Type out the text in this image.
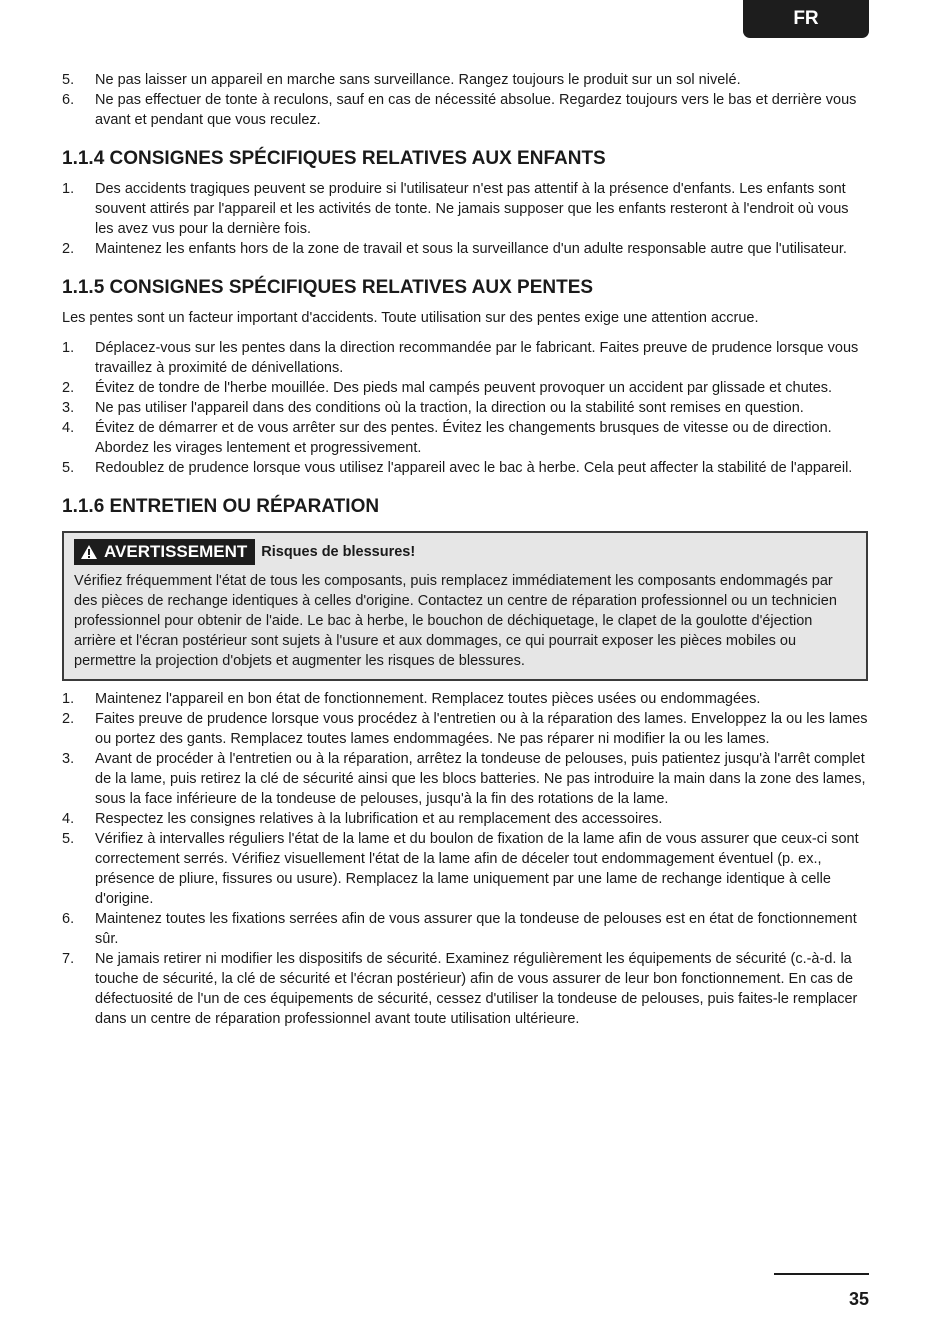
FR
5. Ne pas laisser un appareil en marche sans surveillance. Rangez toujours le produit sur un sol nivelé.
6. Ne pas effectuer de tonte à reculons, sauf en cas de nécessité absolue. Regardez toujours vers le bas et derrière vous avant et pendant que vous reculez.
1.1.4 CONSIGNES SPÉCIFIQUES RELATIVES AUX ENFANTS
1. Des accidents tragiques peuvent se produire si l'utilisateur n'est pas attentif à la présence d'enfants. Les enfants sont souvent attirés par l'appareil et les activités de tonte. Ne jamais supposer que les enfants resteront à l'endroit où vous les avez vus pour la dernière fois.
2. Maintenez les enfants hors de la zone de travail et sous la surveillance d'un adulte responsable autre que l'utilisateur.
1.1.5 CONSIGNES SPÉCIFIQUES RELATIVES AUX PENTES

Les pentes sont un facteur important d'accidents. Toute utilisation sur des pentes exige une attention accrue.

1. Déplacez-vous sur les pentes dans la direction recommandée par le fabricant. Faites preuve de prudence lorsque vous travaillez à proximité de dénivellations.
2. Évitez de tondre de l'herbe mouillée. Des pieds mal campés peuvent provoquer un accident par glissade et chutes.
3. Ne pas utiliser l'appareil dans des conditions où la traction, la direction ou la stabilité sont remises en question.
4. Évitez de démarrer et de vous arrêter sur des pentes. Évitez les changements brusques de vitesse ou de direction. Abordez les virages lentement et progressivement.
5. Redoublez de prudence lorsque vous utilisez l'appareil avec le bac à herbe. Cela peut affecter la stabilité de l'appareil.
1.1.6 ENTRETIEN OU RÉPARATION
AVERTISSEMENT Risques de blessures!
Vérifiez fréquemment l'état de tous les composants, puis remplacez immédiatement les composants endommagés par des pièces de rechange identiques à celles d'origine. Contactez un centre de réparation professionnel ou un technicien professionnel pour obtenir de l'aide. Le bac à herbe, le bouchon de déchiquetage, le clapet de la goulotte d'éjection arrière et l'écran postérieur sont sujets à l'usure et aux dommages, ce qui pourrait exposer les pièces mobiles ou permettre la projection d'objets et augmenter les risques de blessures.
1. Maintenez l'appareil en bon état de fonctionnement. Remplacez toutes pièces usées ou endommagées.
2. Faites preuve de prudence lorsque vous procédez à l'entretien ou à la réparation des lames. Enveloppez la ou les lames ou portez des gants. Remplacez toutes lames endommagées. Ne pas réparer ni modifier la ou les lames.
3. Avant de procéder à l'entretien ou à la réparation, arrêtez la tondeuse de pelouses, puis patientez jusqu'à l'arrêt complet de la lame, puis retirez la clé de sécurité ainsi que les blocs batteries. Ne pas introduire la main dans la zone des lames, sous la face inférieure de la tondeuse de pelouses, jusqu'à la fin des rotations de la lame.
4. Respectez les consignes relatives à la lubrification et au remplacement des accessoires.
5. Vérifiez à intervalles réguliers l'état de la lame et du boulon de fixation de la lame afin de vous assurer que ceux-ci sont correctement serrés. Vérifiez visuellement l'état de la lame afin de déceler tout endommagement éventuel (p. ex., présence de pliure, fissures ou usure). Remplacez la lame uniquement par une lame de rechange identique à celle d'origine.
6. Maintenez toutes les fixations serrées afin de vous assurer que la tondeuse de pelouses est en état de fonctionnement sûr.
7. Ne jamais retirer ni modifier les dispositifs de sécurité. Examinez régulièrement les équipements de sécurité (c.-à-d. la touche de sécurité, la clé de sécurité et l'écran postérieur) afin de vous assurer de leur bon fonctionnement. En cas de défectuosité de l'un de ces équipements de sécurité, cessez d'utiliser la tondeuse de pelouses, puis faites-le remplacer dans un centre de réparation professionnel avant toute utilisation ultérieure.
35
